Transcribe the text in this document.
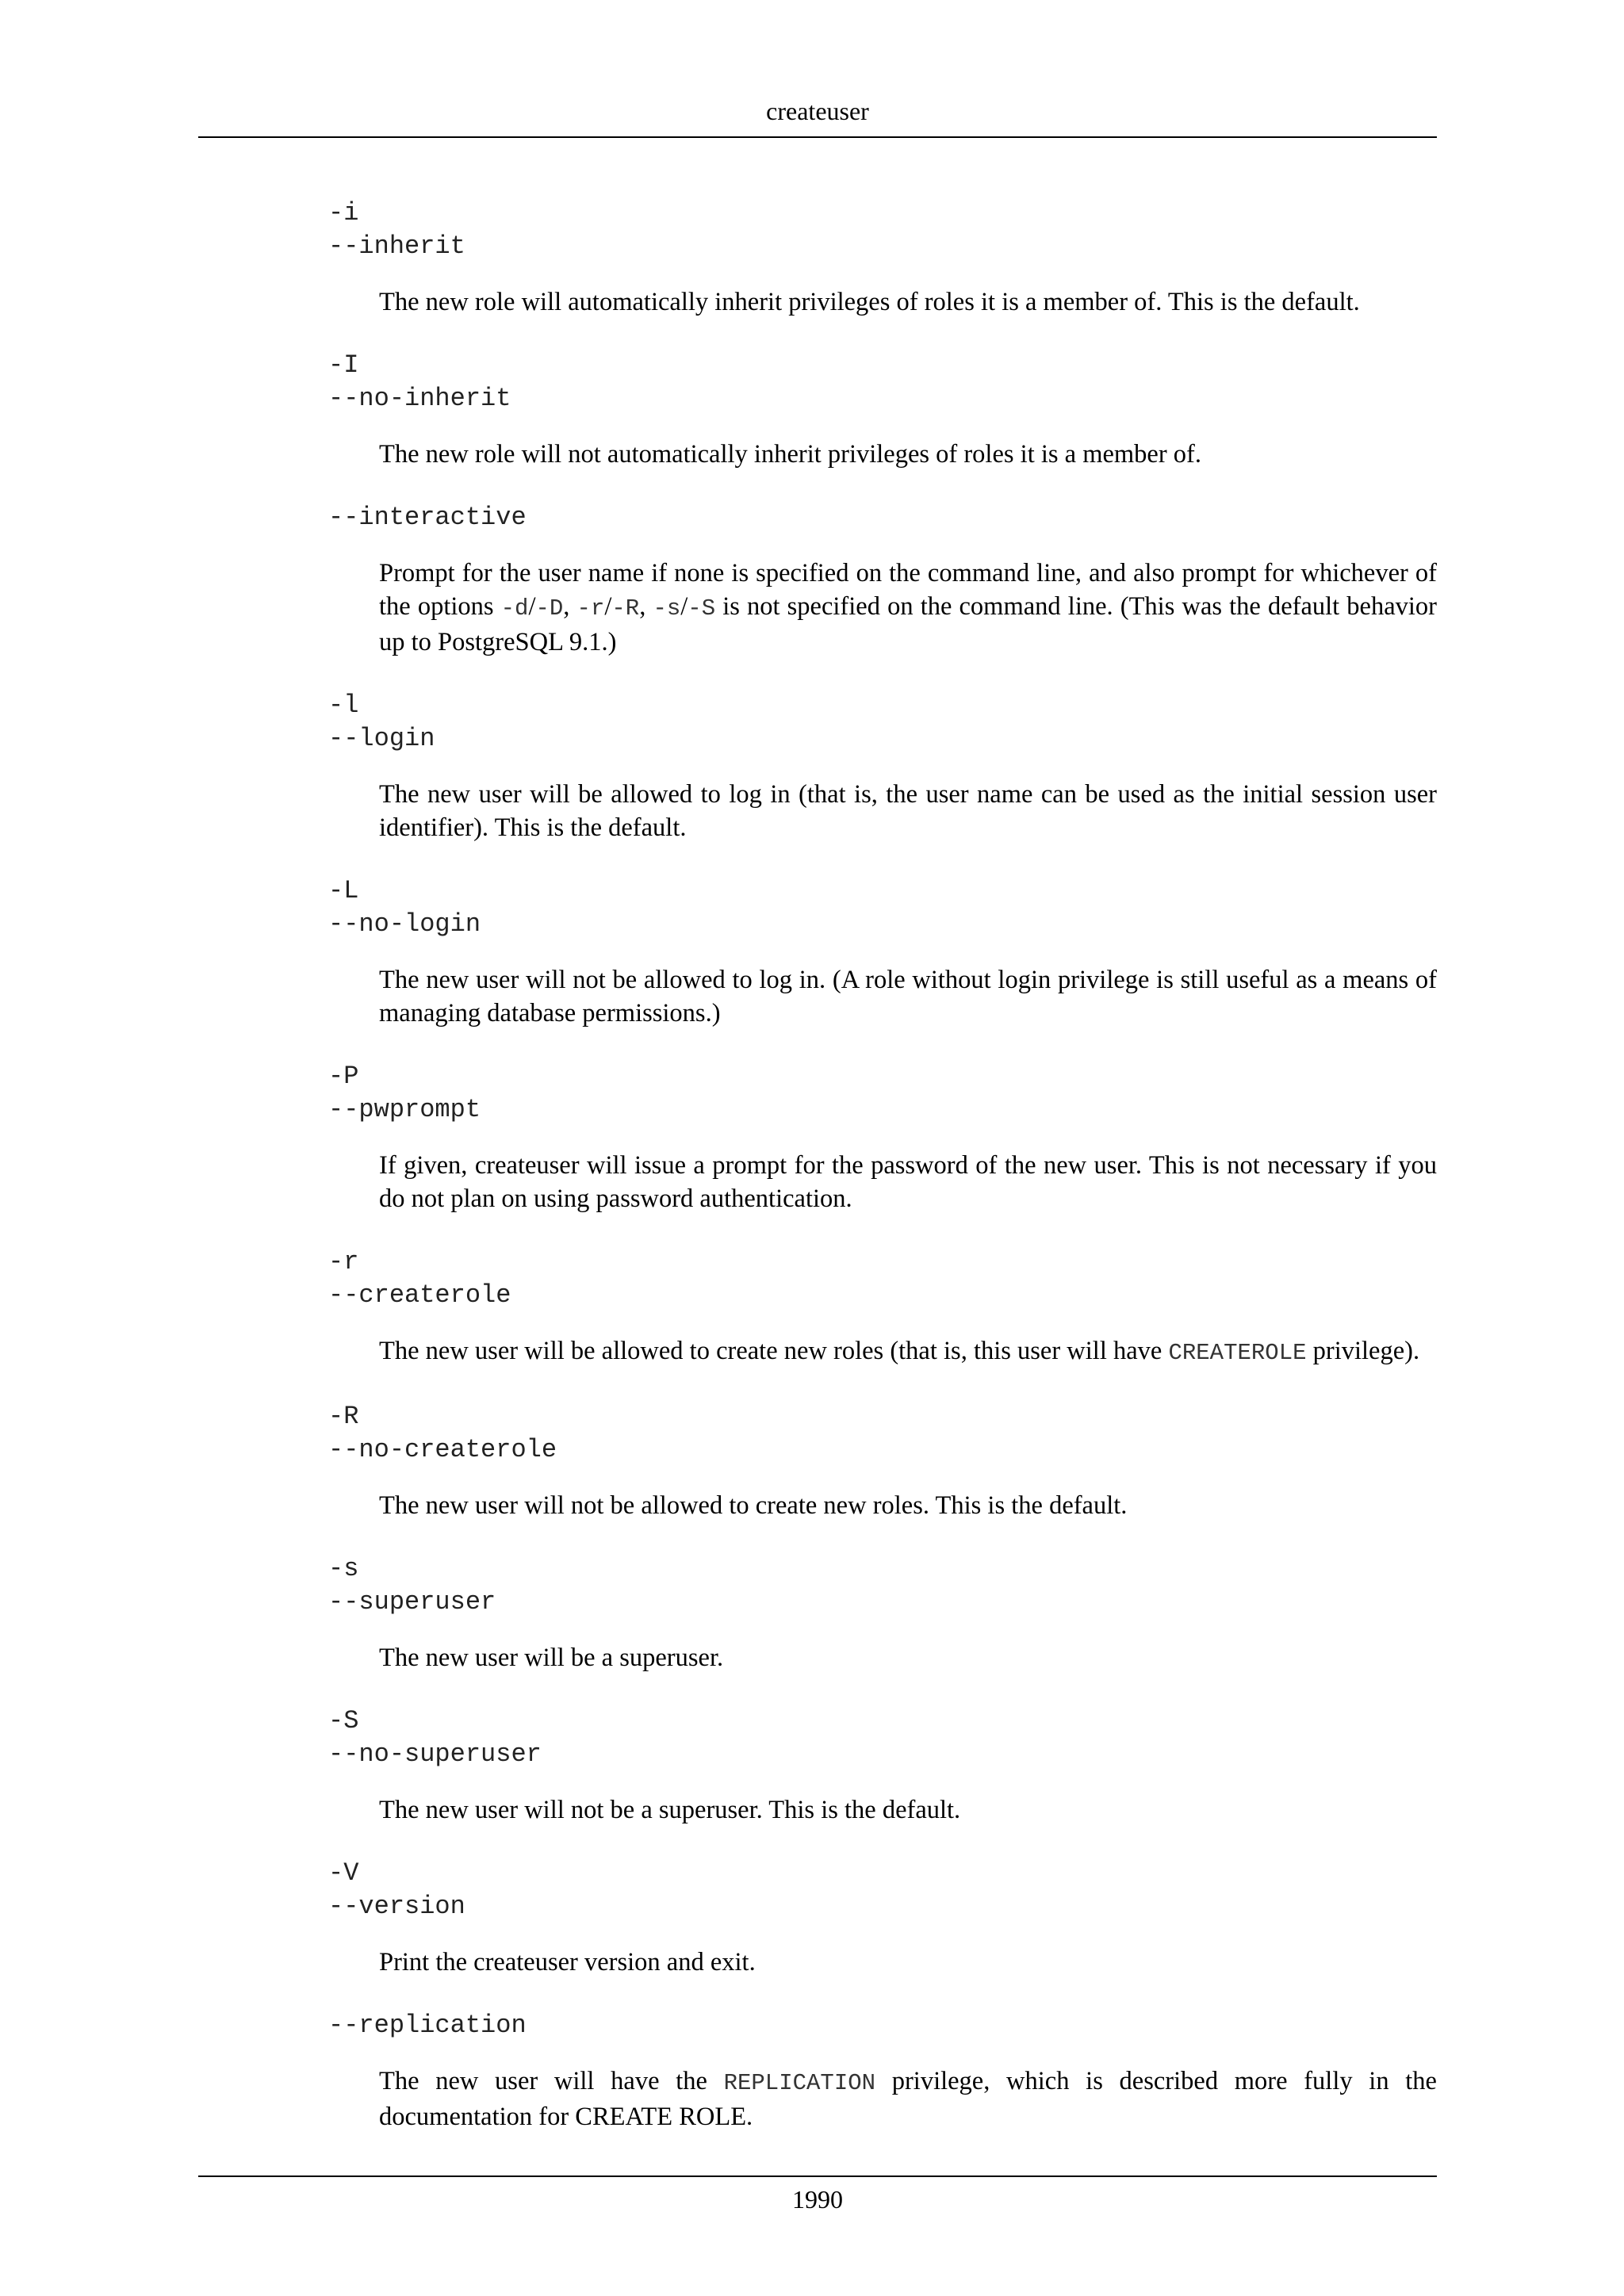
createuser
-i
--inherit
The new role will automatically inherit privileges of roles it is a member of. This is the default.
-I
--no-inherit
The new role will not automatically inherit privileges of roles it is a member of.
--interactive
Prompt for the user name if none is specified on the command line, and also prompt for whichever of the options -d/-D, -r/-R, -s/-S is not specified on the command line. (This was the default behavior up to PostgreSQL 9.1.)
-l
--login
The new user will be allowed to log in (that is, the user name can be used as the initial session user identifier). This is the default.
-L
--no-login
The new user will not be allowed to log in. (A role without login privilege is still useful as a means of managing database permissions.)
-P
--pwprompt
If given, createuser will issue a prompt for the password of the new user. This is not necessary if you do not plan on using password authentication.
-r
--createrole
The new user will be allowed to create new roles (that is, this user will have CREATEROLE privilege).
-R
--no-createrole
The new user will not be allowed to create new roles. This is the default.
-s
--superuser
The new user will be a superuser.
-S
--no-superuser
The new user will not be a superuser. This is the default.
-V
--version
Print the createuser version and exit.
--replication
The new user will have the REPLICATION privilege, which is described more fully in the documentation for CREATE ROLE.
1990
